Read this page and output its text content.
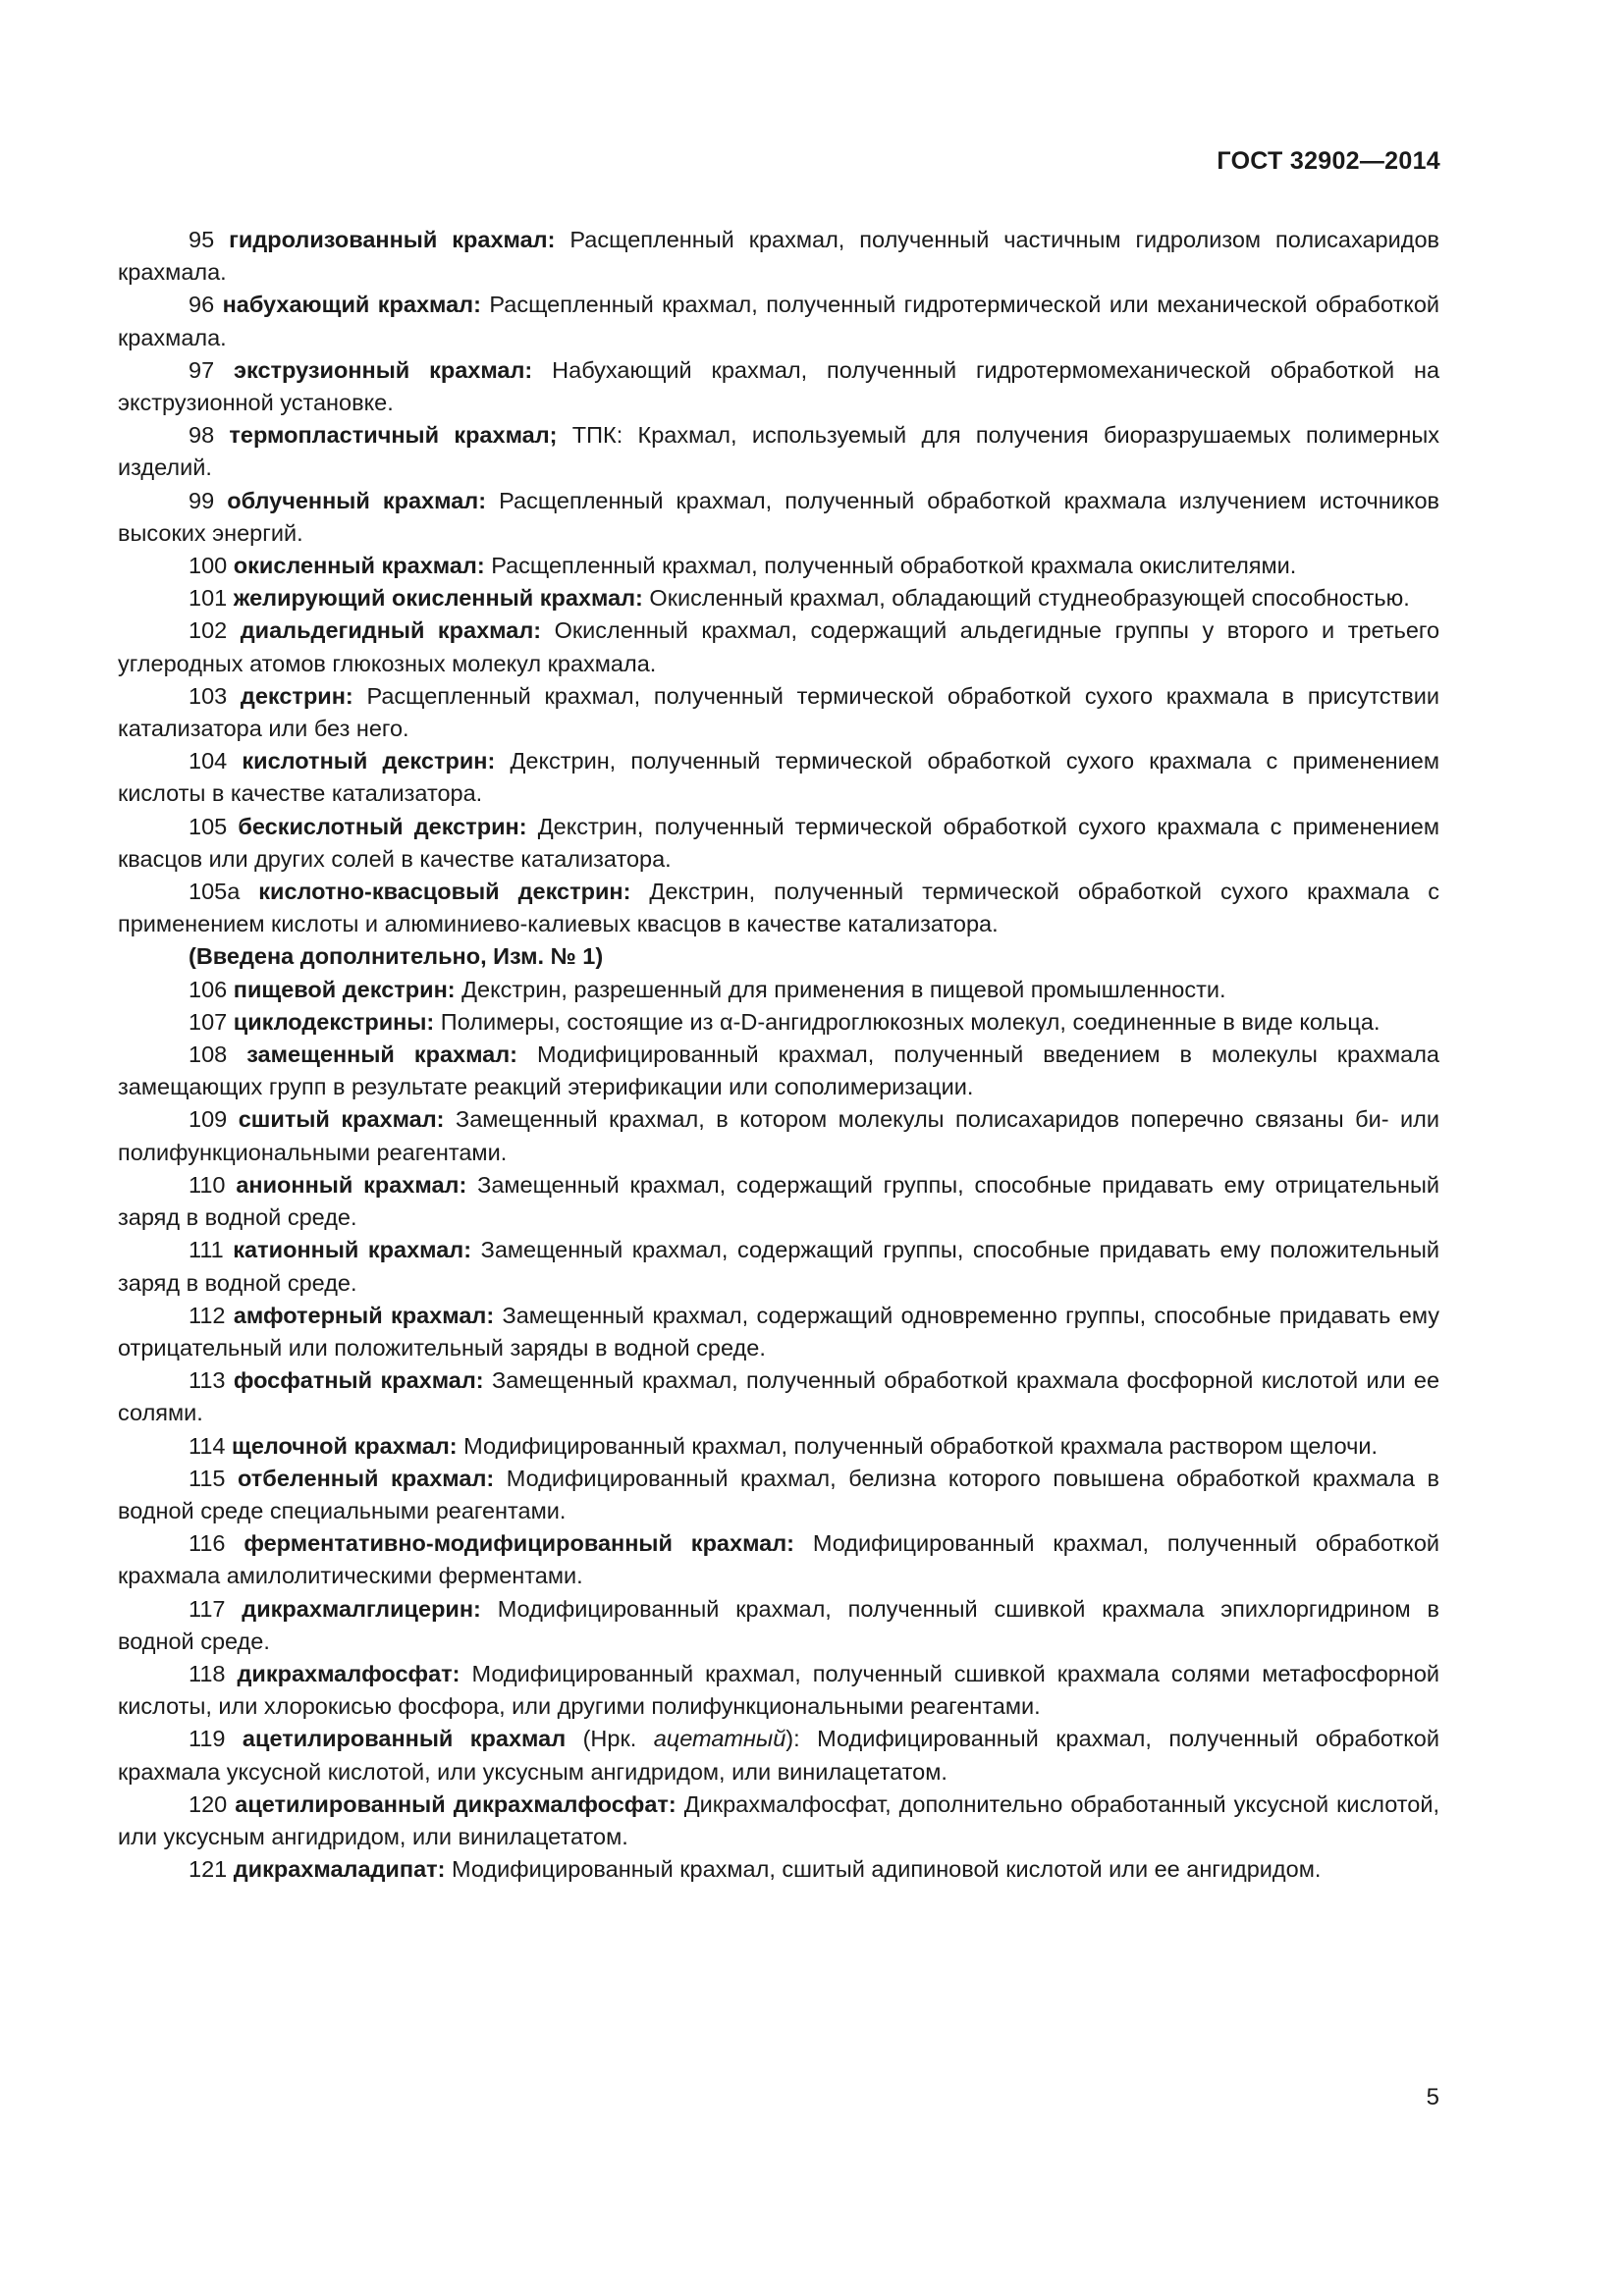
ГОСТ 32902—2014

95 гидролизованный крахмал: Расщепленный крахмал, полученный частичным гидролизом полисахаридов крахмала.

96 набухающий крахмал: Расщепленный крахмал, полученный гидротермической или механической обработкой крахмала.

97 экструзионный крахмал: Набухающий крахмал, полученный гидротермомеханической обработкой на экструзионной установке.

98 термопластичный крахмал; ТПК: Крахмал, используемый для получения биоразрушаемых полимерных изделий.

99 облученный крахмал: Расщепленный крахмал, полученный обработкой крахмала излучением источников высоких энергий.

100 окисленный крахмал: Расщепленный крахмал, полученный обработкой крахмала окислителями.

101 желирующий окисленный крахмал: Окисленный крахмал, обладающий студнеобразующей способностью.

102 диальдегидный крахмал: Окисленный крахмал, содержащий альдегидные группы у второго и третьего углеродных атомов глюкозных молекул крахмала.

103 декстрин: Расщепленный крахмал, полученный термической обработкой сухого крахмала в присутствии катализатора или без него.

104 кислотный декстрин: Декстрин, полученный термической обработкой сухого крахмала с применением кислоты в качестве катализатора.

105 бескислотный декстрин: Декстрин, полученный термической обработкой сухого крахмала с применением квасцов или других солей в качестве катализатора.

105а кислотно-квасцовый декстрин: Декстрин, полученный термической обработкой сухого крахмала с применением кислоты и алюминиево-калиевых квасцов в качестве катализатора.

(Введена дополнительно, Изм. № 1)

106 пищевой декстрин: Декстрин, разрешенный для применения в пищевой промышленности.

107 циклодекстрины: Полимеры, состоящие из α-D-ангидроглюкозных молекул, соединенные в виде кольца.

108 замещенный крахмал: Модифицированный крахмал, полученный введением в молекулы крахмала замещающих групп в результате реакций этерификации или сополимеризации.

109 сшитый крахмал: Замещенный крахмал, в котором молекулы полисахаридов поперечно связаны би- или полифункциональными реагентами.

110 анионный крахмал: Замещенный крахмал, содержащий группы, способные придавать ему отрицательный заряд в водной среде.

111 катионный крахмал: Замещенный крахмал, содержащий группы, способные придавать ему положительный заряд в водной среде.

112 амфотерный крахмал: Замещенный крахмал, содержащий одновременно группы, способные придавать ему отрицательный или положительный заряды в водной среде.

113 фосфатный крахмал: Замещенный крахмал, полученный обработкой крахмала фосфорной кислотой или ее солями.

114 щелочной крахмал: Модифицированный крахмал, полученный обработкой крахмала раствором щелочи.

115 отбеленный крахмал: Модифицированный крахмал, белизна которого повышена обработкой крахмала в водной среде специальными реагентами.

116 ферментативно-модифицированный крахмал: Модифицированный крахмал, полученный обработкой крахмала амилолитическими ферментами.

117 дикрахмалглицерин: Модифицированный крахмал, полученный сшивкой крахмала эпихлоргидрином в водной среде.

118 дикрахмалфосфат: Модифицированный крахмал, полученный сшивкой крахмала солями метафосфорной кислоты, или хлорокисью фосфора, или другими полифункциональными реагентами.

119 ацетилированный крахмал (Нрк. ацетатный): Модифицированный крахмал, полученный обработкой крахмала уксусной кислотой, или уксусным ангидридом, или винилацетатом.

120 ацетилированный дикрахмалфосфат: Дикрахмалфосфат, дополнительно обработанный уксусной кислотой, или уксусным ангидридом, или винилацетатом.

121 дикрахмаладипат: Модифицированный крахмал, сшитый адипиновой кислотой или ее ангидридом.

5
